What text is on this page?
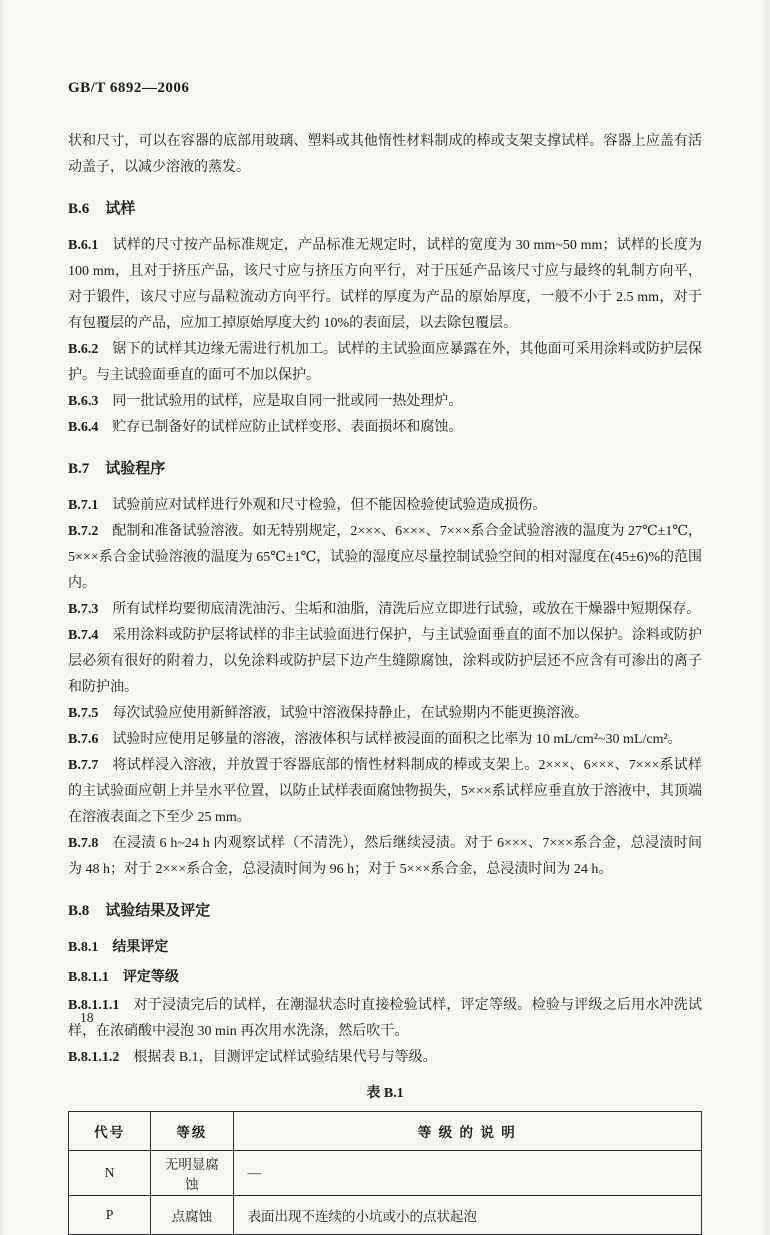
GB/T 6892—2006

状和尺寸，可以在容器的底部用玻璃、塑料或其他惰性材料制成的棒或支架支撑试样。容器上应盖有活动盖子，以减少溶液的蒸发。

B.6 试样

B.6.1 试样的尺寸按产品标准规定，产品标准无规定时，试样的宽度为 30 mm~50 mm；试样的长度为 100 mm，且对于挤压产品，该尺寸应与挤压方向平行，对于压延产品该尺寸应与最终的轧制方向平，对于锻件，该尺寸应与晶粒流动方向平行。试样的厚度为产品的原始厚度，一般不小于 2.5 mm，对于有包覆层的产品，应加工掉原始厚度大约 10%的表面层，以去除包覆层。

B.6.2 锯下的试样其边缘无需进行机加工。试样的主试验面应暴露在外，其他面可采用涂料或防护层保护。与主试验面垂直的面可不加以保护。

B.6.3 同一批试验用的试样，应是取自同一批或同一热处理炉。

B.6.4 贮存已制备好的试样应防止试样变形、表面损坏和腐蚀。

B.7 试验程序

B.7.1 试验前应对试样进行外观和尺寸检验，但不能因检验使试验造成损伤。

B.7.2 配制和准备试验溶液。如无特别规定，2×××、6×××、7×××系合金试验溶液的温度为 27℃±1℃，5×××系合金试验溶液的温度为 65℃±1℃，试验的湿度应尽量控制试验空间的相对湿度在(45±6)%的范围内。

B.7.3 所有试样均要彻底清洗油污、尘垢和油脂，清洗后应立即进行试验，或放在干燥器中短期保存。

B.7.4 采用涂料或防护层将试样的非主试验面进行保护，与主试验面垂直的面不加以保护。涂料或防护层必须有很好的附着力，以免涂料或防护层下边产生缝隙腐蚀，涂料或防护层还不应含有可渗出的离子和防护油。

B.7.5 每次试验应使用新鲜溶液，试验中溶液保持静止，在试验期内不能更换溶液。

B.7.6 试验时应使用足够量的溶液，溶液体积与试样被浸面的面积之比率为 10 mL/cm²~30 mL/cm²。

B.7.7 将试样浸入溶液，并放置于容器底部的惰性材料制成的棒或支架上。2×××、6×××、7×××系试样的主试验面应朝上并呈水平位置，以防止试样表面腐蚀物损失，5×××系试样应垂直放于溶液中，其顶端在溶液表面之下至少 25 mm。

B.7.8 在浸渍 6 h~24 h 内观察试样（不清洗），然后继续浸渍。对于 6×××、7×××系合金，总浸渍时间为 48 h；对于 2×××系合金，总浸渍时间为 96 h；对于 5×××系合金，总浸渍时间为 24 h。

B.8 试验结果及评定

B.8.1 结果评定

B.8.1.1 评定等级

B.8.1.1.1 对于浸渍完后的试样，在潮湿状态时直接检验试样，评定等级。检验与评级之后用水冲洗试样，在浓硝酸中浸泡 30 min 再次用水洗涤，然后吹干。

B.8.1.1.2 根据表 B.1，目测评定试样试验结果代号与等级。

表 B.1

代号	等级	等 级 的 说 明
N	无明显腐蚀	—
P	点腐蚀	表面出现不连续的小坑或小的点状起泡
18
